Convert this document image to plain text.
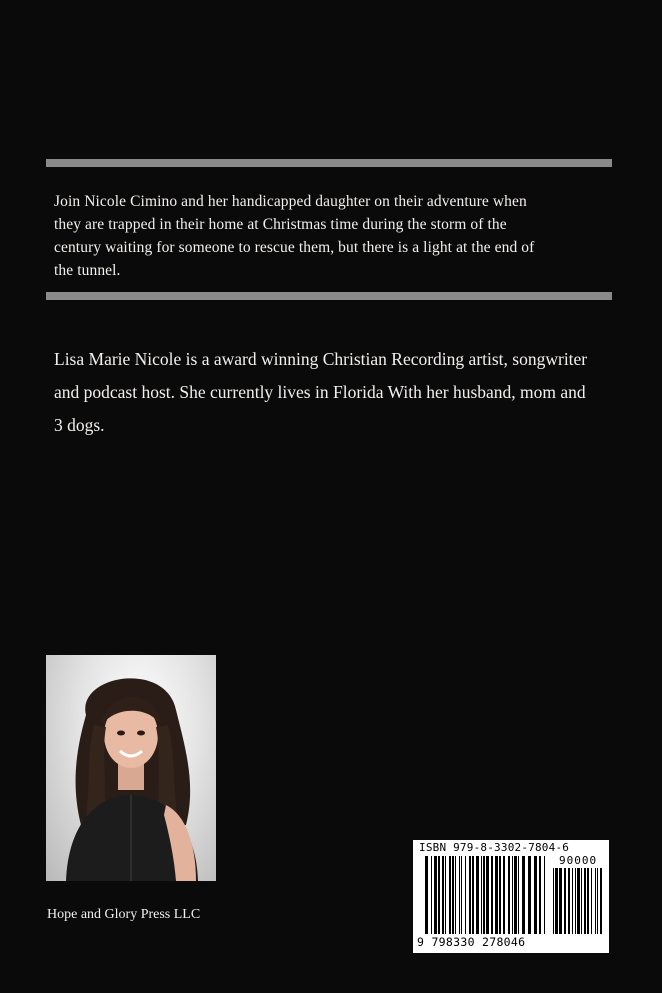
Join Nicole Cimino and her handicapped daughter on their adventure when
they are trapped in their home at Christmas time during the storm of the
century waiting for someone to rescue them, but there is a light at the end of
the tunnel.

Lisa Marie Nicole is a award winning Christian Recording artist, songwriter
and podcast host. She currently lives in Florida With her husband, mom and
3 dogs.

Hope and Glory Press LLC

ISBN 979-8-3302-7804-6
90000
9 798330 278046
